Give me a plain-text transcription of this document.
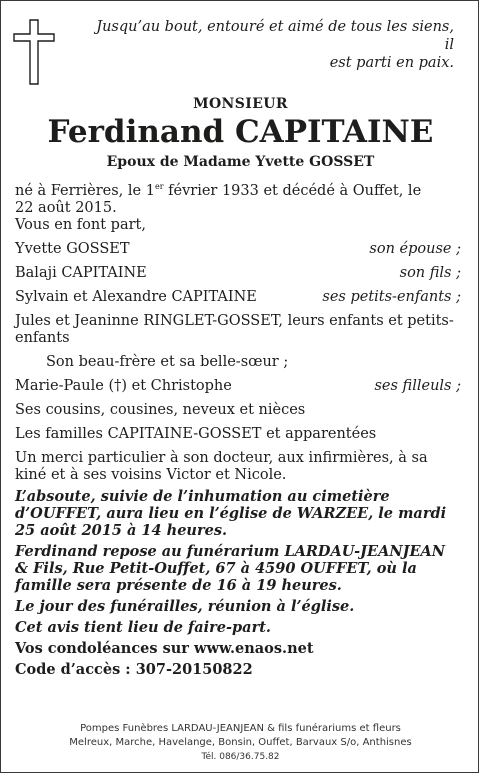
Jusqu’au bout, entouré et aimé de tous les siens, il
est parti en paix.
MONSIEUR
Ferdinand CAPITAINE
Epoux de Madame Yvette GOSSET

né à Ferrières, le 1er février 1933 et décédé à Ouffet, le
22 août 2015.

Vous en font part,

Yvette GOSSET	son épouse ;
Balaji CAPITAINE	son fils ;
Sylvain et Alexandre CAPITAINE	ses petits-enfants ;

Jules et Jeaninne RINGLET-GOSSET, leurs enfants et petits-enfants

Son beau-frère et sa belle-sœur ;

Marie-Paule (†) et Christophe	ses filleuls ;

Ses cousins, cousines, neveux et nièces

Les familles CAPITAINE-GOSSET et apparentées

Un merci particulier à son docteur, aux infirmières, à sa kiné et à ses voisins Victor et Nicole.

L’absoute, suivie de l’inhumation au cimetière d’OUFFET, aura lieu en l’église de WARZEE, le mardi 25 août 2015 à 14 heures.

Ferdinand repose au funérarium LARDAU-JEANJEAN & Fils, Rue Petit-Ouffet, 67 à 4590 OUFFET, où la famille sera présente de 16 à 19 heures.

Le jour des funérailles, réunion à l’église.

Cet avis tient lieu de faire-part.

Vos condoléances sur www.enaos.net

Code d’accès : 307-20150822

Pompes Funèbres LARDAU-JEANJEAN & fils funérariums et fleurs
Melreux, Marche, Havelange, Bonsin, Ouffet, Barvaux S/o, Anthisnes
Tél. 086/36.75.82
